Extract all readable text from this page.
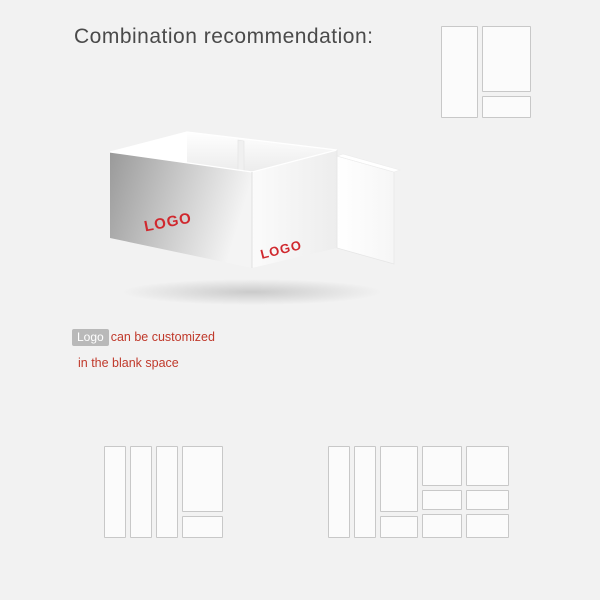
Combination recommendation:
LOGO
LOGO
Logo can be customized
in the blank space
